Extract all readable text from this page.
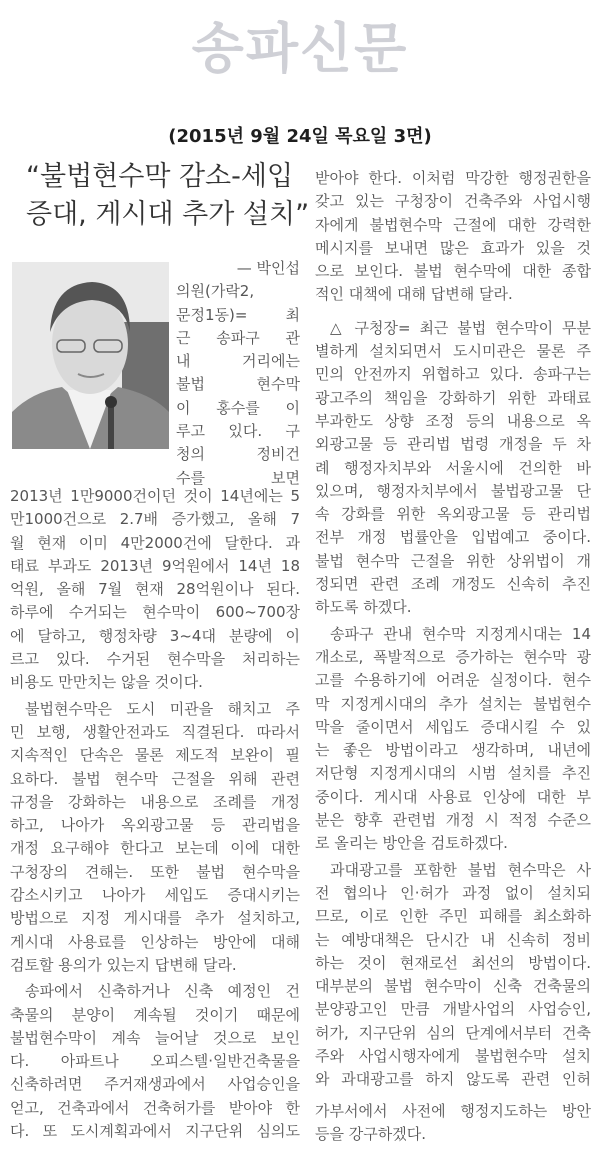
송파신문
(2015년 9월 24일 목요일 3면)
“불법현수막 감소-세입
증대, 게시대 추가 설치”
— 박인섭
의원(가락2,
문정1동)= 최
근 송파구 관
내 거리에는
불법 현수막
이 홍수를 이
루고 있다. 구
청의 정비건
수를 보면
2013년 1만9000건이던 것이 14년에는 5
만1000건으로 2.7배 증가했고, 올해 7
월 현재 이미 4만2000건에 달한다. 과
태료 부과도 2013년 9억원에서 14년 18
억원, 올해 7월 현재 28억원이나 된다.
하루에 수거되는 현수막이 600~700장
에 달하고, 행정차량 3~4대 분량에 이
르고 있다. 수거된 현수막을 처리하는
비용도 만만치는 않을 것이다.
불법현수막은 도시 미관을 해치고 주
민 보행, 생활안전과도 직결된다. 따라서
지속적인 단속은 물론 제도적 보완이 필
요하다. 불법 현수막 근절을 위해 관련
규정을 강화하는 내용으로 조례를 개정
하고, 나아가 옥외광고물 등 관리법을
개정 요구해야 한다고 보는데 이에 대한
구청장의 견해는. 또한 불법 현수막을
감소시키고 나아가 세입도 증대시키는
방법으로 지정 게시대를 추가 설치하고,
게시대 사용료를 인상하는 방안에 대해
검토할 용의가 있는지 답변해 달라.
송파에서 신축하거나 신축 예정인 건
축물의 분양이 계속될 것이기 때문에
불법현수막이 계속 늘어날 것으로 보인
다. 아파트나 오피스텔·일반건축물을
신축하려면 주거재생과에서 사업승인을
얻고, 건축과에서 건축허가를 받아야 한
다. 또 도시계획과에서 지구단위 심의도
받아야 한다. 이처럼 막강한 행정권한을
갖고 있는 구청장이 건축주와 사업시행
자에게 불법현수막 근절에 대한 강력한
메시지를 보내면 많은 효과가 있을 것
으로 보인다. 불법 현수막에 대한 종합
적인 대책에 대해 답변해 달라.
△ 구청장= 최근 불법 현수막이 무분
별하게 설치되면서 도시미관은 물론 주
민의 안전까지 위협하고 있다. 송파구는
광고주의 책임을 강화하기 위한 과태료
부과한도 상향 조정 등의 내용으로 옥
외광고물 등 관리법 법령 개정을 두 차
례 행정자치부와 서울시에 건의한 바
있으며, 행정자치부에서 불법광고물 단
속 강화를 위한 옥외광고물 등 관리법
전부 개정 법률안을 입법예고 중이다.
불법 현수막 근절을 위한 상위법이 개
정되면 관련 조례 개정도 신속히 추진
하도록 하겠다.
송파구 관내 현수막 지정게시대는 14
개소로, 폭발적으로 증가하는 현수막 광
고를 수용하기에 어려운 실정이다. 현수
막 지정게시대의 추가 설치는 불법현수
막을 줄이면서 세입도 증대시킬 수 있
는 좋은 방법이라고 생각하며, 내년에
저단형 지정게시대의 시범 설치를 추진
중이다. 게시대 사용료 인상에 대한 부
분은 향후 관련법 개정 시 적정 수준으
로 올리는 방안을 검토하겠다.
과대광고를 포함한 불법 현수막은 사
전 협의나 인·허가 과정 없이 설치되
므로, 이로 인한 주민 피해를 최소화하
는 예방대책은 단시간 내 신속히 정비
하는 것이 현재로선 최선의 방법이다.
대부분의 불법 현수막이 신축 건축물의
분양광고인 만큼 개발사업의 사업승인,
허가, 지구단위 심의 단계에서부터 건축
주와 사업시행자에게 불법현수막 설치
와 과대광고를 하지 않도록 관련 인허
가부서에서 사전에 행정지도하는 방안
등을 강구하겠다.
